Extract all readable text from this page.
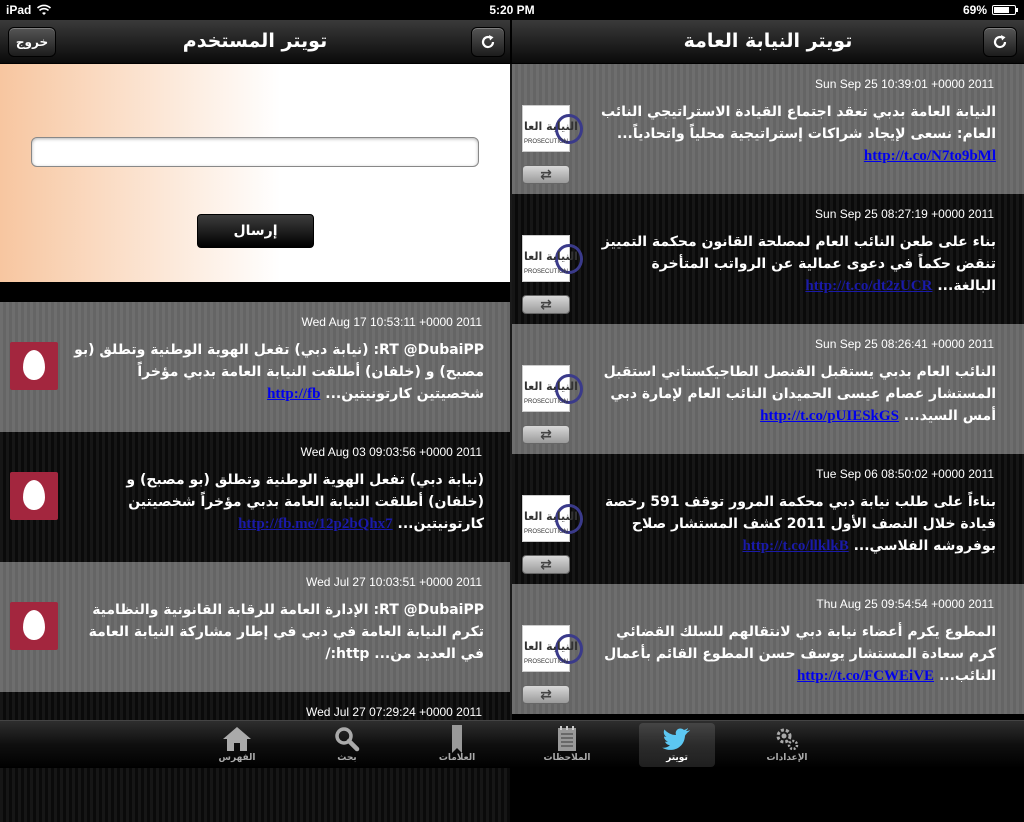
iPad	5:20 PM	69%
خروج	تويتر المستخدم	تويتر النيابة العامة
إرسال
Wed Aug 17 10:53:11 +0000 2011
RT @DubaiPP: (نيابة دبي) تفعل الهوية الوطنية وتطلق (بو مصبح) و (خلفان) أطلقت النيابة العامة بدبي مؤخراً شخصيتين كارتونيتين... http://fb
Wed Aug 03 09:03:56 +0000 2011
(نيابة دبي) تفعل الهوية الوطنية وتطلق (بو مصبح) و (خلفان) أطلقت النيابة العامة بدبي مؤخراً شخصيتين كارتونيتين... http://fb.me/12p2bQhx7
Wed Jul 27 10:03:51 +0000 2011
RT @DubaiPP: الإدارة العامة للرقابة القانونية والنظامية تكرم النيابة العامة في دبي في إطار مشاركة النيابة العامة في العديد من... http:/
Wed Jul 27 07:29:24 +0000 2011
Sun Sep 25 10:39:01 +0000 2011
النيابة العا
PROSECUTION
⇄
النيابة العامة بدبي تعقد اجتماع القيادة الاستراتيجي النائب العام: نسعى لإيجاد شراكات إستراتيجية محلياً واتحادياً... http://t.co/N7to9bMl
Sun Sep 25 08:27:19 +0000 2011
النيابة العا
PROSECUTION
⇄
بناء على طعن النائب العام لمصلحة القانون محكمة التمييز تنقض حكماً في دعوى عمالية عن الرواتب المتأخرة البالغة... http://t.co/dt2zUCR
Sun Sep 25 08:26:41 +0000 2011
النيابة العا
PROSECUTION
⇄
النائب العام بدبي يستقبل القنصل الطاجيكستاني استقبل المستشار عصام عيسى الحميدان النائب العام لإمارة دبي أمس السيد... http://t.co/pUIESkGS
Tue Sep 06 08:50:02 +0000 2011
النيابة العا
PROSECUTION
⇄
بناءاً على طلب نيابة دبي محكمة المرور توقف 591 رخصة قيادة خلال النصف الأول 2011 كشف المستشار صلاح بوفروشه الفلاسي... http://t.co/llklkB
Thu Aug 25 09:54:54 +0000 2011
النيابة العا
PROSECUTION
⇄
المطوع يكرم أعضاء نيابة دبي لانتقالهم للسلك القضائي كرم سعادة المستشار يوسف حسن المطوع القائم بأعمال النائب... http://t.co/FCWEiVE
الإعدادات
تويتر
الملاحظات
العلامات
بحث
الفهرس
